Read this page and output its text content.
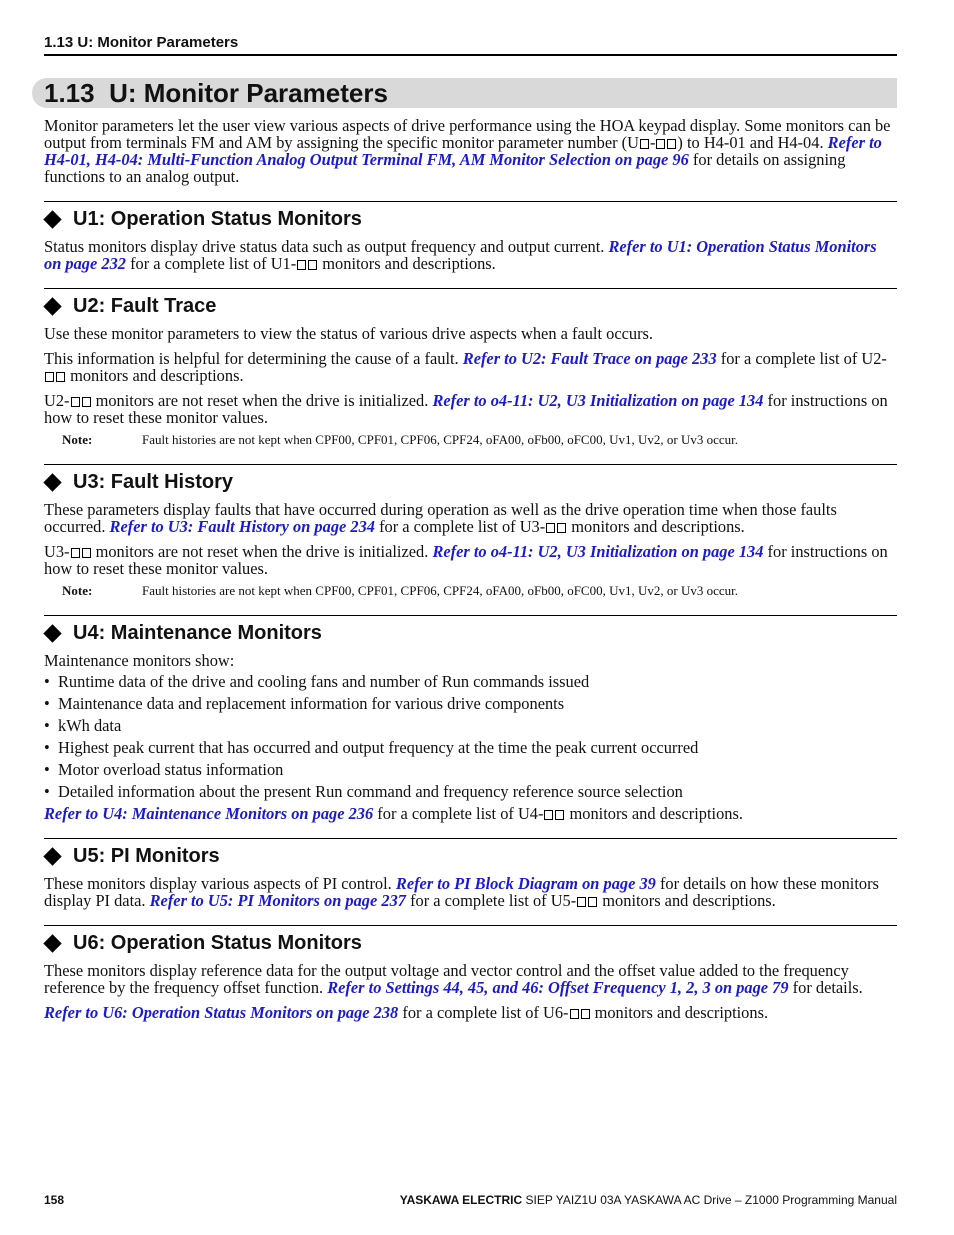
1.13 U: Monitor Parameters
1.13 U: Monitor Parameters

Monitor parameters let the user view various aspects of drive performance using the HOA keypad display. Some monitors can be output from terminals FM and AM by assigning the specific monitor parameter number (U - ) to H4-01 and H4-04. Refer to H4-01, H4-04: Multi-Function Analog Output Terminal FM, AM Monitor Selection on page 96 for details on assigning functions to an analog output.

U1: Operation Status Monitors

Status monitors display drive status data such as output frequency and output current. Refer to U1: Operation Status Monitors on page 232 for a complete list of U1- monitors and descriptions.

U2: Fault Trace

Use these monitor parameters to view the status of various drive aspects when a fault occurs.

This information is helpful for determining the cause of a fault. Refer to U2: Fault Trace on page 233 for a complete list of U2- monitors and descriptions.

U2- monitors are not reset when the drive is initialized. Refer to o4-11: U2, U3 Initialization on page 134 for instructions on how to reset these monitor values.

Note:	Fault histories are not kept when CPF00, CPF01, CPF06, CPF24, oFA00, oFb00, oFC00, Uv1, Uv2, or Uv3 occur.
U3: Fault History

These parameters display faults that have occurred during operation as well as the drive operation time when those faults occurred. Refer to U3: Fault History on page 234 for a complete list of U3- monitors and descriptions.

U3- monitors are not reset when the drive is initialized. Refer to o4-11: U2, U3 Initialization on page 134 for instructions on how to reset these monitor values.

Note:	Fault histories are not kept when CPF00, CPF01, CPF06, CPF24, oFA00, oFb00, oFC00, Uv1, Uv2, or Uv3 occur.
U4: Maintenance Monitors

Maintenance monitors show:

• Runtime data of the drive and cooling fans and number of Run commands issued
• Maintenance data and replacement information for various drive components
• kWh data
• Highest peak current that has occurred and output frequency at the time the peak current occurred
• Motor overload status information
• Detailed information about the present Run command and frequency reference source selection

Refer to U4: Maintenance Monitors on page 236 for a complete list of U4- monitors and descriptions.

U5: PI Monitors

These monitors display various aspects of PI control. Refer to PI Block Diagram on page 39 for details on how these monitors display PI data. Refer to U5: PI Monitors on page 237 for a complete list of U5- monitors and descriptions.

U6: Operation Status Monitors

These monitors display reference data for the output voltage and vector control and the offset value added to the frequency reference by the frequency offset function. Refer to Settings 44, 45, and 46: Offset Frequency 1, 2, 3 on page 79 for details.

Refer to U6: Operation Status Monitors on page 238 for a complete list of U6- monitors and descriptions.

158	YASKAWA ELECTRIC SIEP YAIZ1U 03A YASKAWA AC Drive – Z1000 Programming Manual
